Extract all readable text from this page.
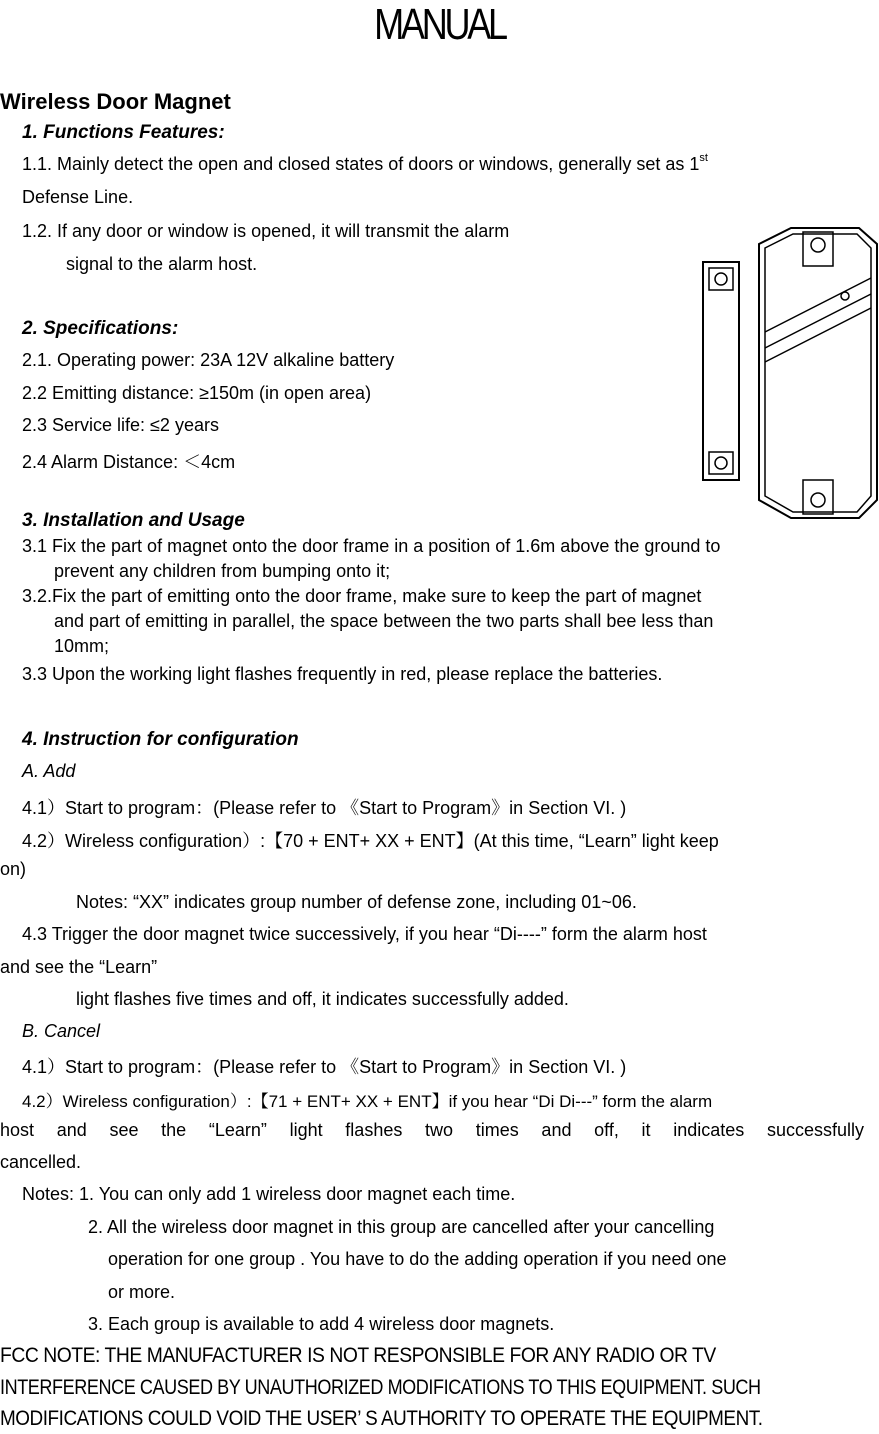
MANUAL
Wireless Door Magnet
1. Functions Features:
1.1. Mainly detect the open and closed states of doors or windows, generally set as 1st
Defense Line.
1.2. If any door or window is opened, it will transmit the alarm
signal to the alarm host.
2. Specifications:
2.1. Operating power: 23A 12V alkaline battery
2.2 Emitting distance: ≥150m (in open area)
2.3 Service life: ≤2 years
2.4 Alarm Distance: ＜4cm
3. Installation and Usage
3.1 Fix the part of magnet onto the door frame in a position of 1.6m above the ground to
prevent any children from bumping onto it;
3.2.Fix the part of emitting onto the door frame, make sure to keep the part of magnet
and part of emitting in parallel, the space between the two parts shall bee less than
10mm;
3.3 Upon the working light flashes frequently in red, please replace the batteries.
4. Instruction for configuration
A. Add
4.1）Start to program：(Please refer to 《Start to Program》in Section VI. )
4.2）Wireless configuration）:【70 + ENT+ XX + ENT】(At this time, “Learn” light keep
on)
Notes: “XX” indicates group number of defense zone, including 01~06.
4.3 Trigger the door magnet twice successively, if you hear “Di----” form the alarm host
and see the “Learn”
light flashes five times and off, it indicates successfully added.
B. Cancel
4.1）Start to program：(Please refer to 《Start to Program》in Section VI. )
4.2）Wireless configuration）:【71 + ENT+ XX + ENT】if you hear “Di Di---” form the alarm
host and see the “Learn” light flashes two times and off, it indicates successfully
cancelled.
Notes: 1. You can only add 1 wireless door magnet each time.
2. All the wireless door magnet in this group are cancelled after your cancelling
operation for one group . You have to do the adding operation if you need one
or more.
3. Each group is available to add 4 wireless door magnets.
FCC NOTE: THE MANUFACTURER IS NOT RESPONSIBLE FOR ANY RADIO OR TV
INTERFERENCE CAUSED BY UNAUTHORIZED MODIFICATIONS TO THIS EQUIPMENT. SUCH
MODIFICATIONS COULD VOID THE USER’ S AUTHORITY TO OPERATE THE EQUIPMENT.
